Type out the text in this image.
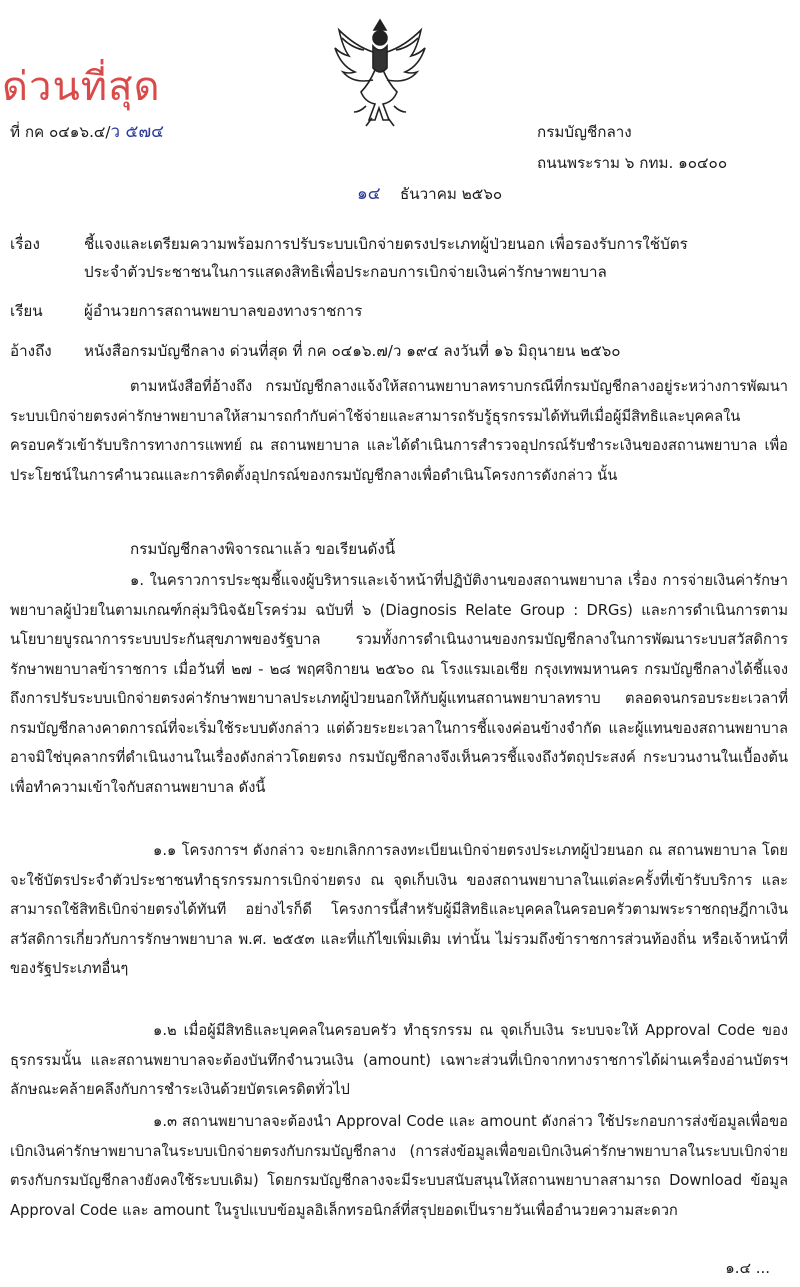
ด่วนที่สุด
ที่ กค ๐๔๑๖.๔/ว ๕๗๔	กรมบัญชีกลาง
ถนนพระราม ๖ กทม. ๑๐๔๐๐
๑๔ ธันวาคม ๒๕๖๐
เรื่อง	ชี้แจงและเตรียมความพร้อมการปรับระบบเบิกจ่ายตรงประเภทผู้ป่วยนอก เพื่อรองรับการใช้บัตร
ประจำตัวประชาชนในการแสดงสิทธิเพื่อประกอบการเบิกจ่ายเงินค่ารักษาพยาบาล
เรียน	ผู้อำนวยการสถานพยาบาลของทางราชการ
อ้างถึง หนังสือกรมบัญชีกลาง ด่วนที่สุด ที่ กค ๐๔๑๖.๗/ว ๑๙๔ ลงวันที่ ๑๖ มิถุนายน ๒๕๖๐
ตามหนังสือที่อ้างถึง กรมบัญชีกลางแจ้งให้สถานพยาบาลทราบกรณีที่กรมบัญชีกลางอยู่ระหว่างการพัฒนาระบบเบิกจ่ายตรงค่ารักษาพยาบาลให้สามารถกำกับค่าใช้จ่ายและสามารถรับรู้ธุรกรรมได้ทันทีเมื่อผู้มีสิทธิและบุคคลในครอบครัวเข้ารับบริการทางการแพทย์ ณ สถานพยาบาล และได้ดำเนินการสำรวจอุปกรณ์รับชำระเงินของสถานพยาบาล เพื่อประโยชน์ในการคำนวณและการติดตั้งอุปกรณ์ของกรมบัญชีกลางเพื่อดำเนินโครงการดังกล่าว นั้น
กรมบัญชีกลางพิจารณาแล้ว ขอเรียนดังนี้
๑. ในคราวการประชุมชี้แจงผู้บริหารและเจ้าหน้าที่ปฏิบัติงานของสถานพยาบาล เรื่อง การจ่ายเงินค่ารักษาพยาบาลผู้ป่วยในตามเกณฑ์กลุ่มวินิจฉัยโรคร่วม ฉบับที่ ๖ (Diagnosis Relate Group : DRGs) และการดำเนินการตามนโยบายบูรณาการระบบประกันสุขภาพของรัฐบาล รวมทั้งการดำเนินงานของกรมบัญชีกลางในการพัฒนาระบบสวัสดิการรักษาพยาบาลข้าราชการ เมื่อวันที่ ๒๗ - ๒๘ พฤศจิกายน ๒๕๖๐ ณ โรงแรมเอเชีย กรุงเทพมหานคร กรมบัญชีกลางได้ชี้แจงถึงการปรับระบบเบิกจ่ายตรงค่ารักษาพยาบาลประเภทผู้ป่วยนอกให้กับผู้แทนสถานพยาบาลทราบ ตลอดจนกรอบระยะเวลาที่กรมบัญชีกลางคาดการณ์ที่จะเริ่มใช้ระบบดังกล่าว แต่ด้วยระยะเวลาในการชี้แจงค่อนข้างจำกัด และผู้แทนของสถานพยาบาลอาจมิใช่บุคลากรที่ดำเนินงานในเรื่องดังกล่าวโดยตรง กรมบัญชีกลางจึงเห็นควรชี้แจงถึงวัตถุประสงค์ กระบวนงานในเบื้องต้น เพื่อทำความเข้าใจกับสถานพยาบาล ดังนี้
๑.๑ โครงการฯ ดังกล่าว จะยกเลิกการลงทะเบียนเบิกจ่ายตรงประเภทผู้ป่วยนอก ณ สถานพยาบาล โดยจะใช้บัตรประจำตัวประชาชนทำธุรกรรมการเบิกจ่ายตรง ณ จุดเก็บเงิน ของสถานพยาบาลในแต่ละครั้งที่เข้ารับบริการ และสามารถใช้สิทธิเบิกจ่ายตรงได้ทันที อย่างไรก็ดี โครงการนี้สำหรับผู้มีสิทธิและบุคคลในครอบครัวตามพระราชกฤษฎีกาเงินสวัสดิการเกี่ยวกับการรักษาพยาบาล พ.ศ. ๒๕๕๓ และที่แก้ไขเพิ่มเติม เท่านั้น ไม่รวมถึงข้าราชการส่วนท้องถิ่น หรือเจ้าหน้าที่ของรัฐประเภทอื่นๆ
๑.๒ เมื่อผู้มีสิทธิและบุคคลในครอบครัว ทำธุรกรรม ณ จุดเก็บเงิน ระบบจะให้ Approval Code ของธุรกรรมนั้น และสถานพยาบาลจะต้องบันทึกจำนวนเงิน (amount) เฉพาะส่วนที่เบิกจากทางราชการได้ผ่านเครื่องอ่านบัตรฯ ลักษณะคล้ายคลึงกับการชำระเงินด้วยบัตรเครดิตทั่วไป
๑.๓ สถานพยาบาลจะต้องนำ Approval Code และ amount ดังกล่าว ใช้ประกอบการส่งข้อมูลเพื่อขอเบิกเงินค่ารักษาพยาบาลในระบบเบิกจ่ายตรงกับกรมบัญชีกลาง (การส่งข้อมูลเพื่อขอเบิกเงินค่ารักษาพยาบาลในระบบเบิกจ่ายตรงกับกรมบัญชีกลางยังคงใช้ระบบเดิม) โดยกรมบัญชีกลางจะมีระบบสนับสนุนให้สถานพยาบาลสามารถ Download ข้อมูล Approval Code และ amount ในรูปแบบข้อมูลอิเล็กทรอนิกส์ที่สรุปยอดเป็นรายวันเพื่ออำนวยความสะดวก
๑.๔ ...
